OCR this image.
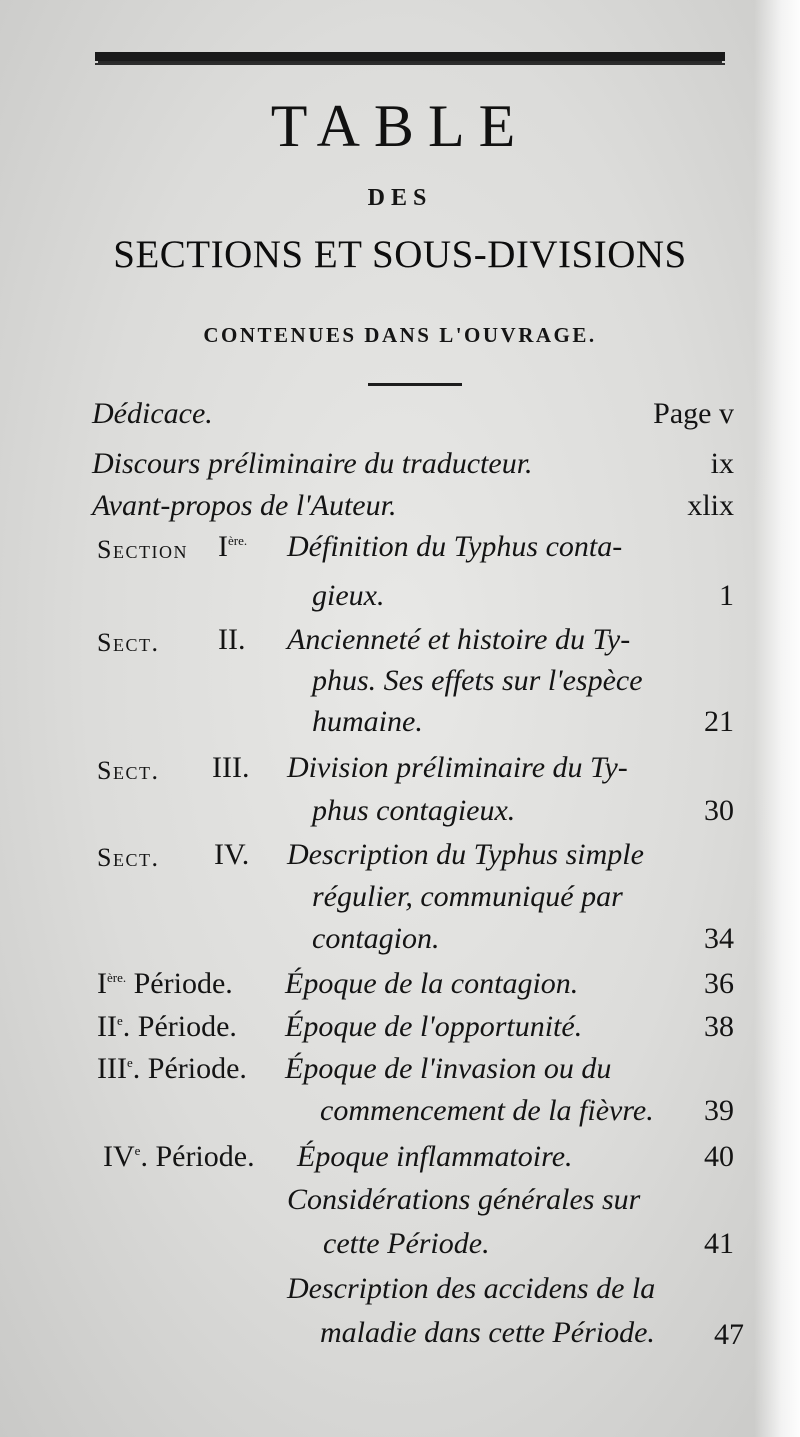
TABLE
DES
SECTIONS ET SOUS-DIVISIONS
CONTENUES DANS L'OUVRAGE.
Dédicace.	Page v
Discours préliminaire du traducteur.	ix
Avant-propos de l'Auteur.	xlix
Section $I^{ère.}$ Définition du Typhus conta-
gieux.	1
Sect. II. Ancienneté et histoire du Ty-
phus. Ses effets sur l'espèce
humaine.	21
Sect. III. Division préliminaire du Ty-
phus contagieux.	30
Sect. IV. Description du Typhus simple
régulier, communiqué par
contagion.	34
$I^{ère.}$ Période. Époque de la contagion.	36
IIe. Période. Époque de l'opportunité.	38
IIIe. Période. Époque de l'invasion ou du
commencement de la fièvre. 39
IVe. Période. Époque inflammatoire.	40
Considérations générales sur
cette Période.	41
Description des accidens de la
maladie dans cette Période. 47
